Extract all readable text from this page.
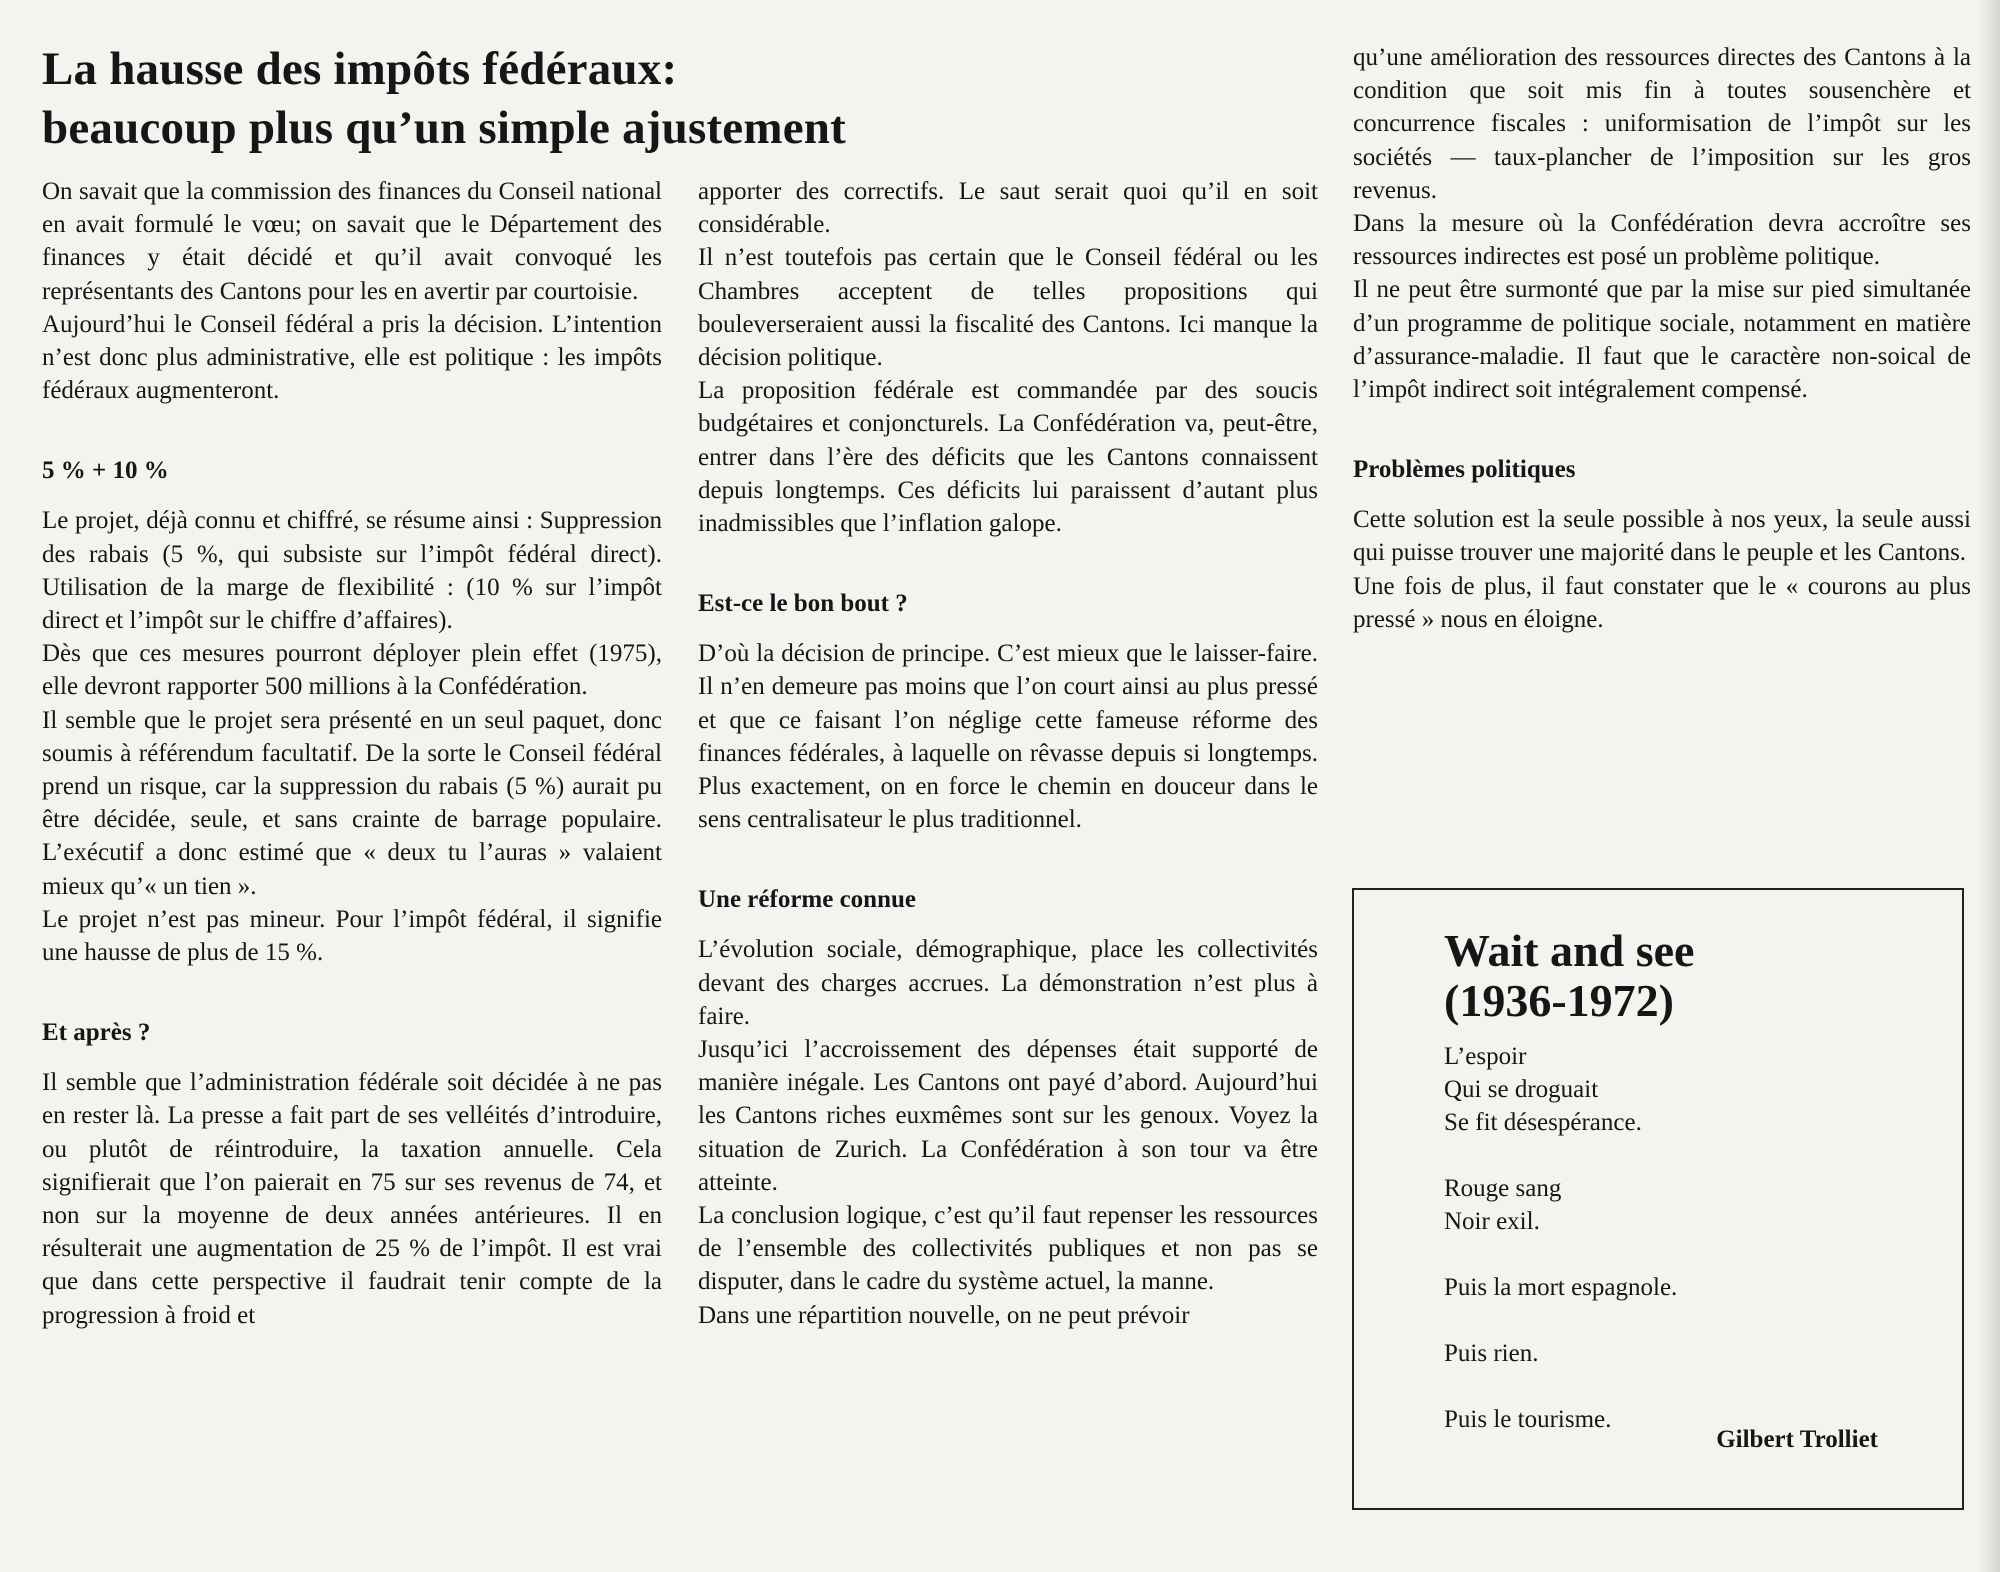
La hausse des impôts fédéraux:
beaucoup plus qu’un simple ajustement

On savait que la commission des finances du Conseil national en avait formulé le vœu; on savait que le Département des finances y était décidé et qu’il avait convoqué les représentants des Cantons pour les en avertir par courtoisie.

Aujourd’hui le Conseil fédéral a pris la décision. L’intention n’est donc plus administrative, elle est politique : les impôts fédéraux augmenteront.

5 % + 10 %

Le projet, déjà connu et chiffré, se résume ainsi : Suppression des rabais (5 %, qui subsiste sur l’impôt fédéral direct). Utilisation de la marge de flexibilité : (10 % sur l’impôt direct et l’impôt sur le chiffre d’affaires).

Dès que ces mesures pourront déployer plein effet (1975), elle devront rapporter 500 millions à la Confédération.

Il semble que le projet sera présenté en un seul paquet, donc soumis à référendum facultatif. De la sorte le Conseil fédéral prend un risque, car la suppression du rabais (5 %) aurait pu être décidée, seule, et sans crainte de barrage populaire. L’exécutif a donc estimé que « deux tu l’auras » valaient mieux qu’« un tien ».

Le projet n’est pas mineur. Pour l’impôt fédéral, il signifie une hausse de plus de 15 %.

Et après ?

Il semble que l’administration fédérale soit décidée à ne pas en rester là. La presse a fait part de ses velléités d’introduire, ou plutôt de réintroduire, la taxation annuelle. Cela signifierait que l’on paierait en 75 sur ses revenus de 74, et non sur la moyenne de deux années antérieures. Il en résulterait une augmentation de 25 % de l’impôt. Il est vrai que dans cette perspective il faudrait tenir compte de la progression à froid et

apporter des correctifs. Le saut serait quoi qu’il en soit considérable.

Il n’est toutefois pas certain que le Conseil fédéral ou les Chambres acceptent de telles propositions qui bouleverseraient aussi la fiscalité des Cantons. Ici manque la décision politique.

La proposition fédérale est commandée par des soucis budgétaires et conjoncturels. La Confédération va, peut-être, entrer dans l’ère des déficits que les Cantons connaissent depuis longtemps. Ces déficits lui paraissent d’autant plus inadmissibles que l’inflation galope.

Est-ce le bon bout ?

D’où la décision de principe. C’est mieux que le laisser-faire. Il n’en demeure pas moins que l’on court ainsi au plus pressé et que ce faisant l’on néglige cette fameuse réforme des finances fédérales, à laquelle on rêvasse depuis si longtemps. Plus exactement, on en force le chemin en douceur dans le sens centralisateur le plus traditionnel.

Une réforme connue

L’évolution sociale, démographique, place les collectivités devant des charges accrues. La démonstration n’est plus à faire.

Jusqu’ici l’accroissement des dépenses était supporté de manière inégale. Les Cantons ont payé d’abord. Aujourd’hui les Cantons riches euxmêmes sont sur les genoux. Voyez la situation de Zurich. La Confédération à son tour va être atteinte.

La conclusion logique, c’est qu’il faut repenser les ressources de l’ensemble des collectivités publiques et non pas se disputer, dans le cadre du système actuel, la manne.

Dans une répartition nouvelle, on ne peut prévoir

qu’une amélioration des ressources directes des Cantons à la condition que soit mis fin à toutes sousenchère et concurrence fiscales : uniformisation de l’impôt sur les sociétés — taux-plancher de l’imposition sur les gros revenus.

Dans la mesure où la Confédération devra accroître ses ressources indirectes est posé un problème politique.

Il ne peut être surmonté que par la mise sur pied simultanée d’un programme de politique sociale, notamment en matière d’assurance-maladie. Il faut que le caractère non-soical de l’impôt indirect soit intégralement compensé.

Problèmes politiques

Cette solution est la seule possible à nos yeux, la seule aussi qui puisse trouver une majorité dans le peuple et les Cantons.

Une fois de plus, il faut constater que le « courons au plus pressé » nous en éloigne.

Wait and see
(1936-1972)
L’espoir
Qui se droguait
Se fit désespérance.
Rouge sang
Noir exil.
Puis la mort espagnole.
Puis rien.
Puis le tourisme.
Gilbert Trolliet
